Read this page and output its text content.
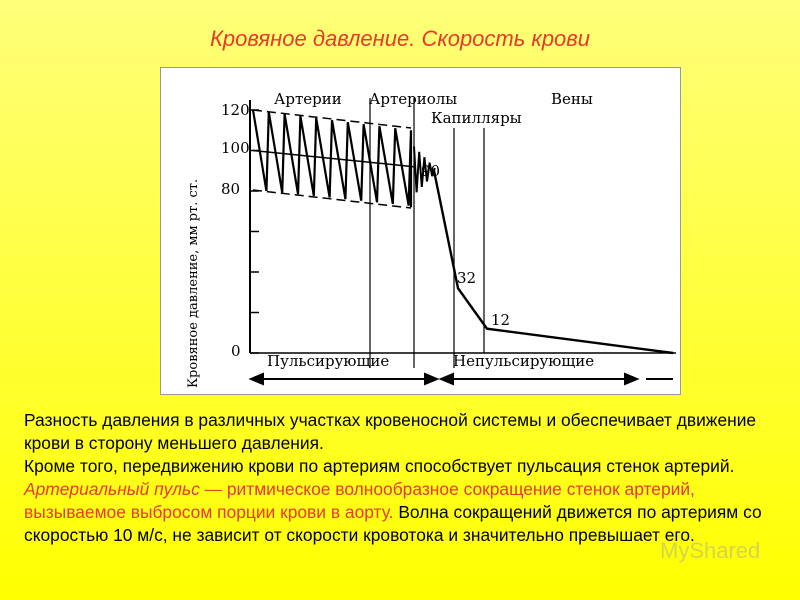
Кровяное давление. Скорость крови
Кровяное давление, мм рт. ст.
120
100
80
0
Артерии Артериолы
Капилляры
Вены
90
32
12
Пульсирующие	Непульсирующие
Разность давления в различных участках кровеносной системы и обеспечивает движение крови в сторону меньшего давления.
Кроме того, передвижению крови по артериям способствует пульсация стенок артерий. Артериальный пульс — ритмическое волнообразное сокращение стенок артерий, вызываемое выбросом порции крови в аорту. Волна сокращений движется по артериям со скоростью 10 м/с, не зависит от скорости кровотока и значительно превышает его.
MyShared
